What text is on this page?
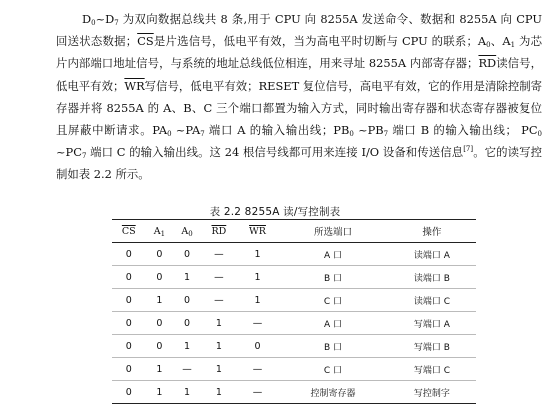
$D_0\sim D_7$ 为双向数据总线共 8 条,用于 CPU 向 8255A 发送命令、数据和 8255A 向 CPU 回送状态数据；$\overline{CS}$是片选信号，低电平有效，当为高电平时切断与 CPU 的联系；$A_0$、$A_1$ 为芯片内部端口地址信号，与系统的地址总线低位相连，用来寻址 8255A 内部寄存器；$\overline{RD}$读信号，低电平有效；$\overline{WR}$写信号，低电平有效；RESET 复位信号，高电平有效，它的作用是清除控制寄存器并将 8255A 的 A、B、C 三个端口都置为输入方式，同时输出寄存器和状态寄存器被复位且屏蔽中断请求。$PA_0$ $\sim PA_7$ 端口 A 的输入输出线；$PB_0$ $\sim PB_7$ 端口 B 的输入输出线； $PC_0$ $\sim PC_7$ 端口 C 的输入输出线。这 24 根信号线都可用来连接 I/O 设备和传送信息[7]。它的读写控制如表 2.2 所示。
表 2.2 8255A 读/写控制表
$\overline{CS}$	$A_1$	$A_0$	$\overline{RD}$	$\overline{WR}$	所选端口	操作
0	0	0	—	1	A 口	读端口 A
0	0	1	—	1	B 口	读端口 B
0	1	0	—	1	C 口	读端口 C
0	0	0	1	—	A 口	写端口 A
0	0	1	1	0	B 口	写端口 B
0	1	—	1	—	C 口	写端口 C
0	1	1	1	—	控制寄存器	写控制字
